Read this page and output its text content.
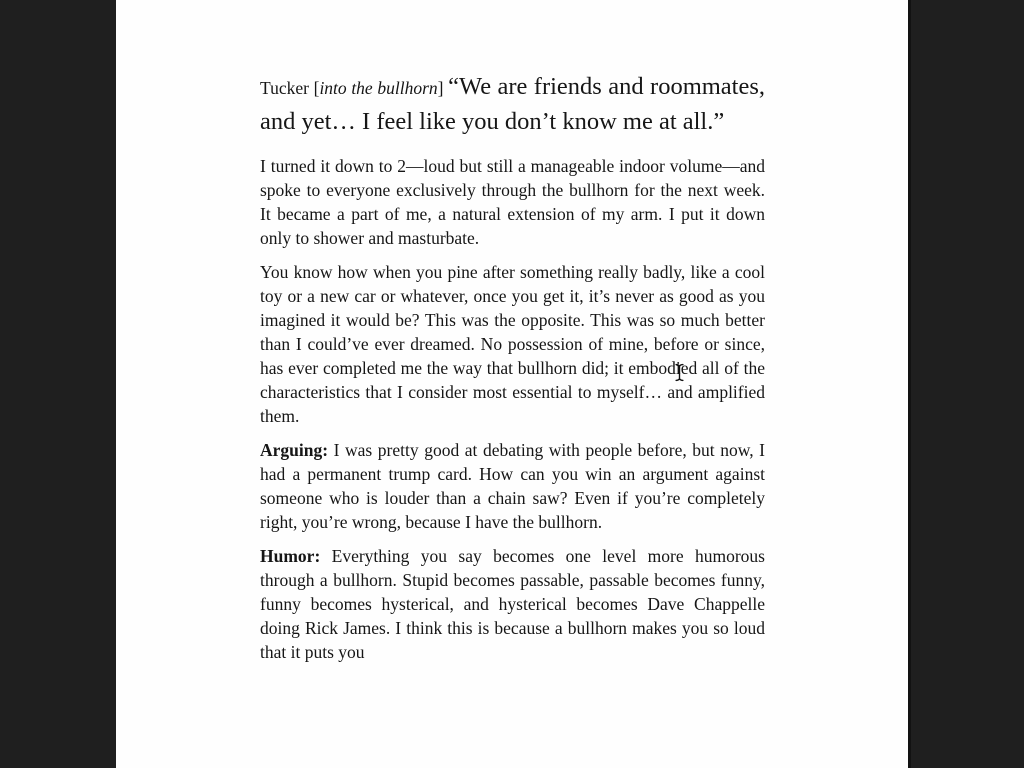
Tucker [into the bullhorn] “We are friends and roommates, and yet… I feel like you don’t know me at all.”

I turned it down to 2—loud but still a manageable indoor volume—and spoke to everyone exclusively through the bullhorn for the next week. It became a part of me, a natural extension of my arm. I put it down only to shower and masturbate.

You know how when you pine after something really badly, like a cool toy or a new car or whatever, once you get it, it’s never as good as you imagined it would be? This was the opposite. This was so much better than I could’ve ever dreamed. No possession of mine, before or since, has ever completed me the way that bullhorn did; it embodied all of the characteristics that I consider most essential to myself… and amplified them.

Arguing: I was pretty good at debating with people before, but now, I had a permanent trump card. How can you win an argument against someone who is louder than a chain saw? Even if you’re completely right, you’re wrong, because I have the bullhorn.

Humor: Everything you say becomes one level more humorous through a bullhorn. Stupid becomes passable, passable becomes funny, funny becomes hysterical, and hysterical becomes Dave Chappelle doing Rick James. I think this is because a bullhorn makes you so loud that it puts you
